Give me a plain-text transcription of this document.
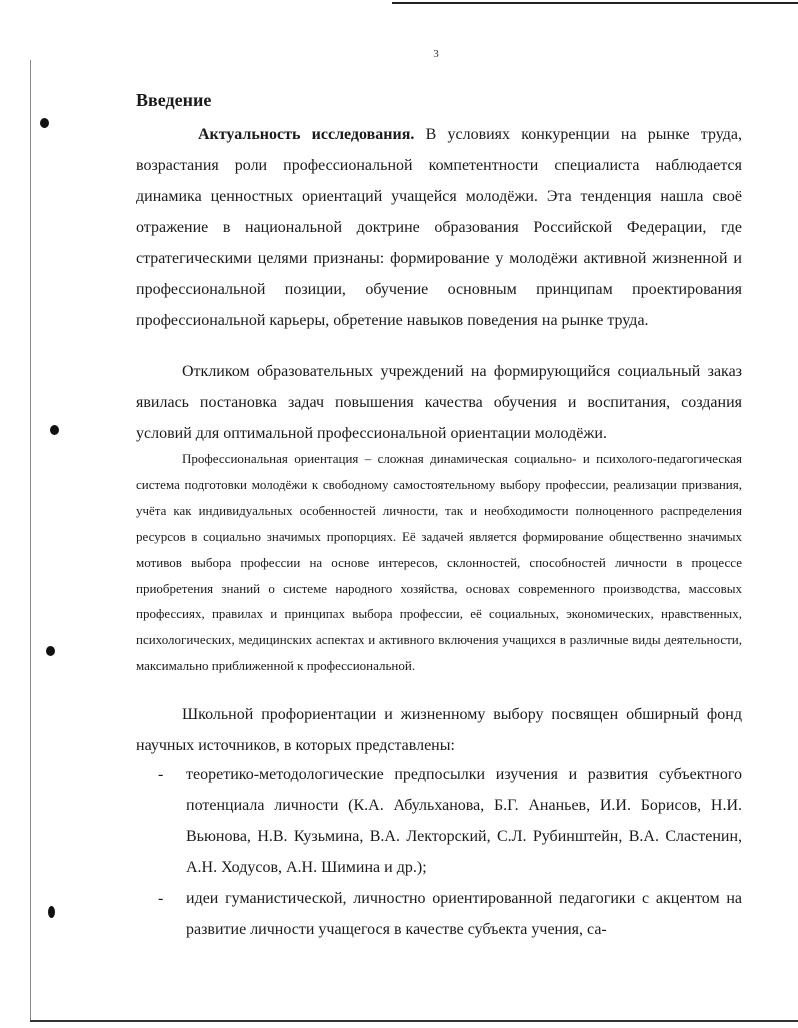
3
Введение

Актуальность исследования. В условиях конкуренции на рынке труда, возрастания роли профессиональной компетентности специалиста наблюдается динамика ценностных ориентаций учащейся молодёжи. Эта тенденция нашла своё отражение в национальной доктрине образования Российской Федерации, где стратегическими целями признаны: формирование у молодёжи активной жизненной и профессиональной позиции, обучение основным принципам проектирования профессиональной карьеры, обретение навыков поведения на рынке труда.

Откликом образовательных учреждений на формирующийся социальный заказ явилась постановка задач повышения качества обучения и воспитания, создания условий для оптимальной профессиональной ориентации молодёжи.

Профессиональная ориентация – сложная динамическая социально- и психолого-педагогическая система подготовки молодёжи к свободному самостоятельному выбору профессии, реализации призвания, учёта как индивидуальных особенностей личности, так и необходимости полноценного распределения ресурсов в социально значимых пропорциях. Её задачей является формирование общественно значимых мотивов выбора профессии на основе интересов, склонностей, способностей личности в процессе приобретения знаний о системе народного хозяйства, основах современного производства, массовых профессиях, правилах и принципах выбора профессии, её социальных, экономических, нравственных, психологических, медицинских аспектах и активного включения учащихся в различные виды деятельности, максимально приближенной к профессиональной.

Школьной профориентации и жизненному выбору посвящен обширный фонд научных источников, в которых представлены:

- теоретико-методологические предпосылки изучения и развития субъектного потенциала личности (К.А. Абульханова, Б.Г. Ананьев, И.И. Борисов, Н.И. Вьюнова, Н.В. Кузьмина, В.А. Лекторский, С.Л. Рубинштейн, В.А. Сластенин, А.Н. Ходусов, А.Н. Шимина и др.);
- идеи гуманистической, личностно ориентированной педагогики с акцентом на развитие личности учащегося в качестве субъекта учения, са-
